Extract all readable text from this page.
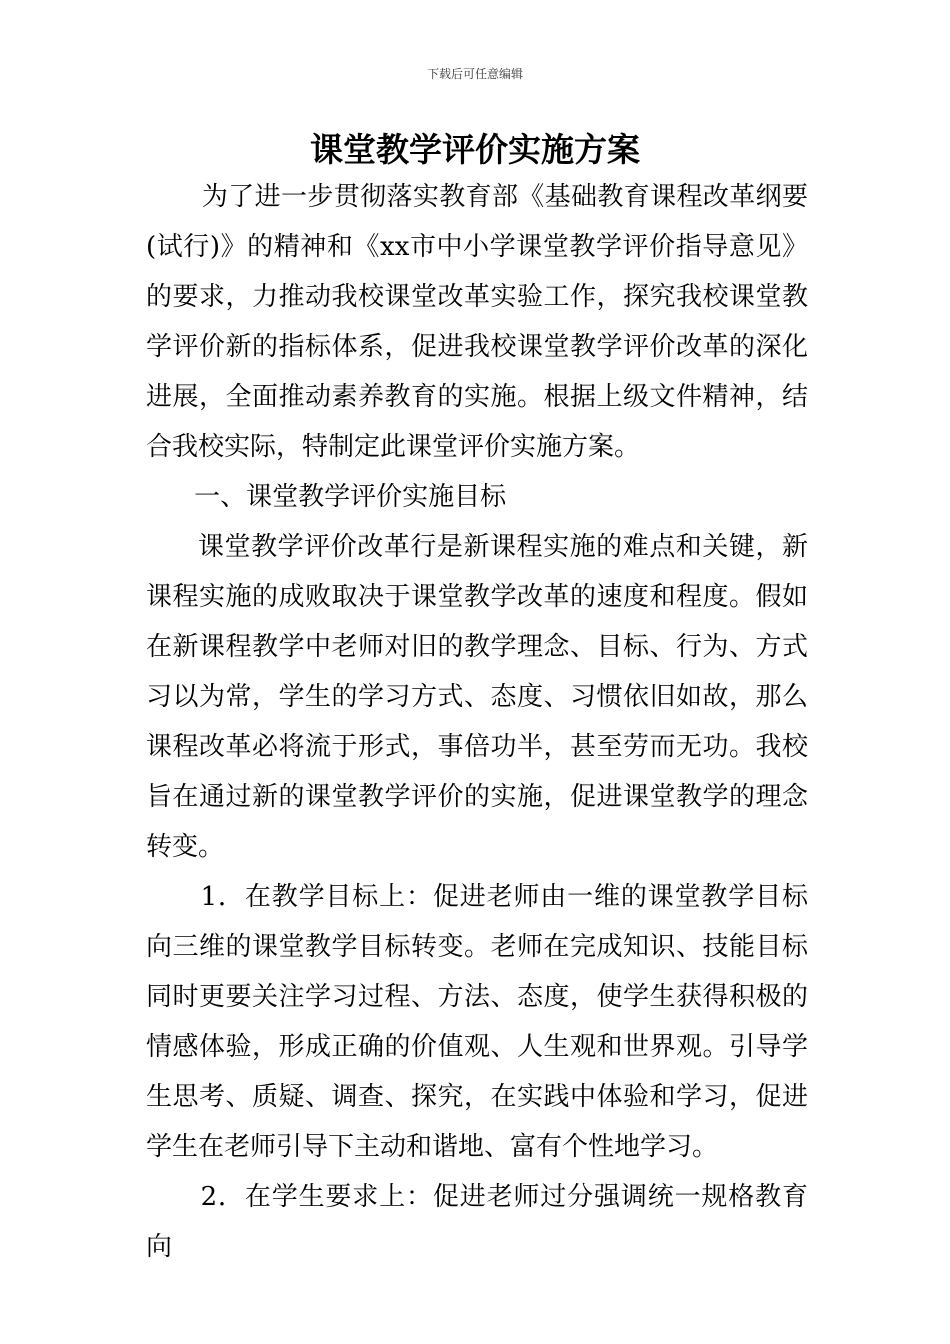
下载后可任意编辑
课堂教学评价实施方案

为了进一步贯彻落实教育部《基础教育课程改革纲要(试行)》的精神和《xx市中小学课堂教学评价指导意见》的要求，力推动我校课堂改革实验工作，探究我校课堂教学评价新的指标体系，促进我校课堂教学评价改革的深化进展，全面推动素养教育的实施。根据上级文件精神，结合我校实际，特制定此课堂评价实施方案。

一、课堂教学评价实施目标

课堂教学评价改革行是新课程实施的难点和关键，新课程实施的成败取决于课堂教学改革的速度和程度。假如在新课程教学中老师对旧的教学理念、目标、行为、方式习以为常，学生的学习方式、态度、习惯依旧如故，那么课程改革必将流于形式，事倍功半，甚至劳而无功。我校旨在通过新的课堂教学评价的实施，促进课堂教学的理念转变。

1．在教学目标上：促进老师由一维的课堂教学目标向三维的课堂教学目标转变。老师在完成知识、技能目标同时更要关注学习过程、方法、态度，使学生获得积极的情感体验，形成正确的价值观、人生观和世界观。引导学生思考、质疑、调查、探究，在实践中体验和学习，促进学生在老师引导下主动和谐地、富有个性地学习。

2．在学生要求上：促进老师过分强调统一规格教育向
